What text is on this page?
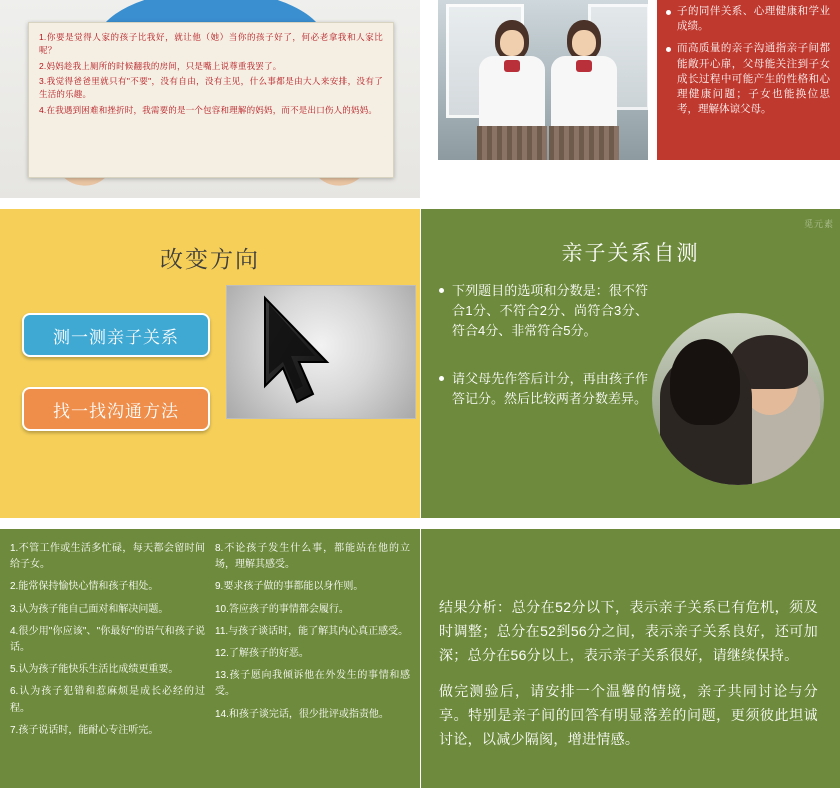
1.你要是觉得人家的孩子比我好，就让他（她）当你的孩子好了，何必老拿我和人家比呢？
2.妈妈趁我上厕所的时候翻我的房间，只是嘴上说尊重我罢了。
3.我觉得爸爸里就只有"不要"，没有自由，没有主见，什么事都是由大人来安排，没有了生活的乐趣。
4.在我遇到困难和挫折时，我需要的是一个包容和理解的妈妈，而不是出口伤人的妈妈。
子的同伴关系、心理健康和学业成绩。
而高质量的亲子沟通指亲子间都能敞开心扉，父母能关注到子女成长过程中可能产生的性格和心理健康问题；子女也能换位思考，理解体谅父母。
改变方向
测一测亲子关系
找一找沟通方法
亲子关系自测
下列题目的选项和分数是：很不符合1分、不符合2分、尚符合3分、符合4分、非常符合5分。
请父母先作答后计分，再由孩子作答记分。然后比较两者分数差异。
觅元素
1.不管工作或生活多忙碌，每天都会留时间给子女。
2.能常保持愉快心情和孩子相处。
3.认为孩子能自己面对和解决问题。
4.很少用"你应该"、"你最好"的语气和孩子说话。
5.认为孩子能快乐生活比成绩更重要。
6.认为孩子犯错和惹麻烦是成长必经的过程。
7.孩子说话时，能耐心专注听完。
8.不论孩子发生什么事，都能站在他的立场，理解其感受。
9.要求孩子做的事都能以身作则。
10.答应孩子的事情都会履行。
11.与孩子谈话时，能了解其内心真正感受。
12.了解孩子的好恶。
13.孩子愿向我倾诉他在外发生的事情和感受。
14.和孩子谈完话，很少批评或指责他。
结果分析：总分在52分以下，表示亲子关系已有危机，须及时调整；总分在52到56分之间，表示亲子关系良好，还可加深；总分在56分以上，表示亲子关系很好，请继续保持。
做完测验后，请安排一个温馨的情境，亲子共同讨论与分享。特别是亲子间的回答有明显落差的问题，更须彼此坦诚讨论，以减少隔阂，增进情感。
